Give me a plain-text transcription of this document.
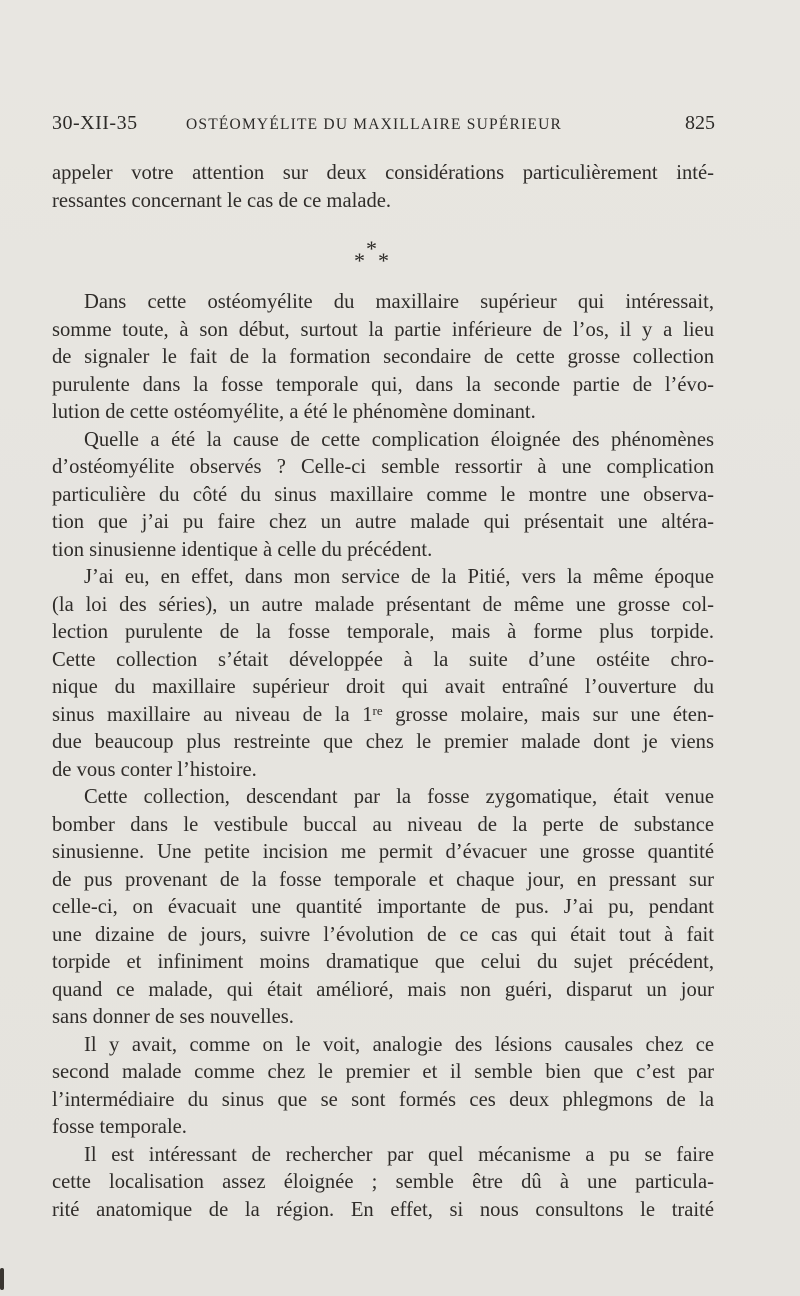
30-XII-35	OSTÉOMYÉLITE DU MAXILLAIRE SUPÉRIEUR	825
appeler votre attention sur deux considérations particulièrement inté-
ressantes concernant le cas de ce malade.
*
* *
Dans cette ostéomyélite du maxillaire supérieur qui intéressait,
somme toute, à son début, surtout la partie inférieure de l’os, il y a lieu
de signaler le fait de la formation secondaire de cette grosse collection
purulente dans la fosse temporale qui, dans la seconde partie de l’évo-
lution de cette ostéomyélite, a été le phénomène dominant.
Quelle a été la cause de cette complication éloignée des phénomènes
d’ostéomyélite observés ? Celle-ci semble ressortir à une complication
particulière du côté du sinus maxillaire comme le montre une observa-
tion que j’ai pu faire chez un autre malade qui présentait une altéra-
tion sinusienne identique à celle du précédent.
J’ai eu, en effet, dans mon service de la Pitié, vers la même époque
(la loi des séries), un autre malade présentant de même une grosse col-
lection purulente de la fosse temporale, mais à forme plus torpide.
Cette collection s’était développée à la suite d’une ostéite chro-
nique du maxillaire supérieur droit qui avait entraîné l’ouverture du
sinus maxillaire au niveau de la 1re grosse molaire, mais sur une éten-
due beaucoup plus restreinte que chez le premier malade dont je viens
de vous conter l’histoire.
Cette collection, descendant par la fosse zygomatique, était venue
bomber dans le vestibule buccal au niveau de la perte de substance
sinusienne. Une petite incision me permit d’évacuer une grosse quantité
de pus provenant de la fosse temporale et chaque jour, en pressant sur
celle-ci, on évacuait une quantité importante de pus. J’ai pu, pendant
une dizaine de jours, suivre l’évolution de ce cas qui était tout à fait
torpide et infiniment moins dramatique que celui du sujet précédent,
quand ce malade, qui était amélioré, mais non guéri, disparut un jour
sans donner de ses nouvelles.
Il y avait, comme on le voit, analogie des lésions causales chez ce
second malade comme chez le premier et il semble bien que c’est par
l’intermédiaire du sinus que se sont formés ces deux phlegmons de la
fosse temporale.
Il est intéressant de rechercher par quel mécanisme a pu se faire
cette localisation assez éloignée ; semble être dû à une particula-
rité anatomique de la région. En effet, si nous consultons le traité
